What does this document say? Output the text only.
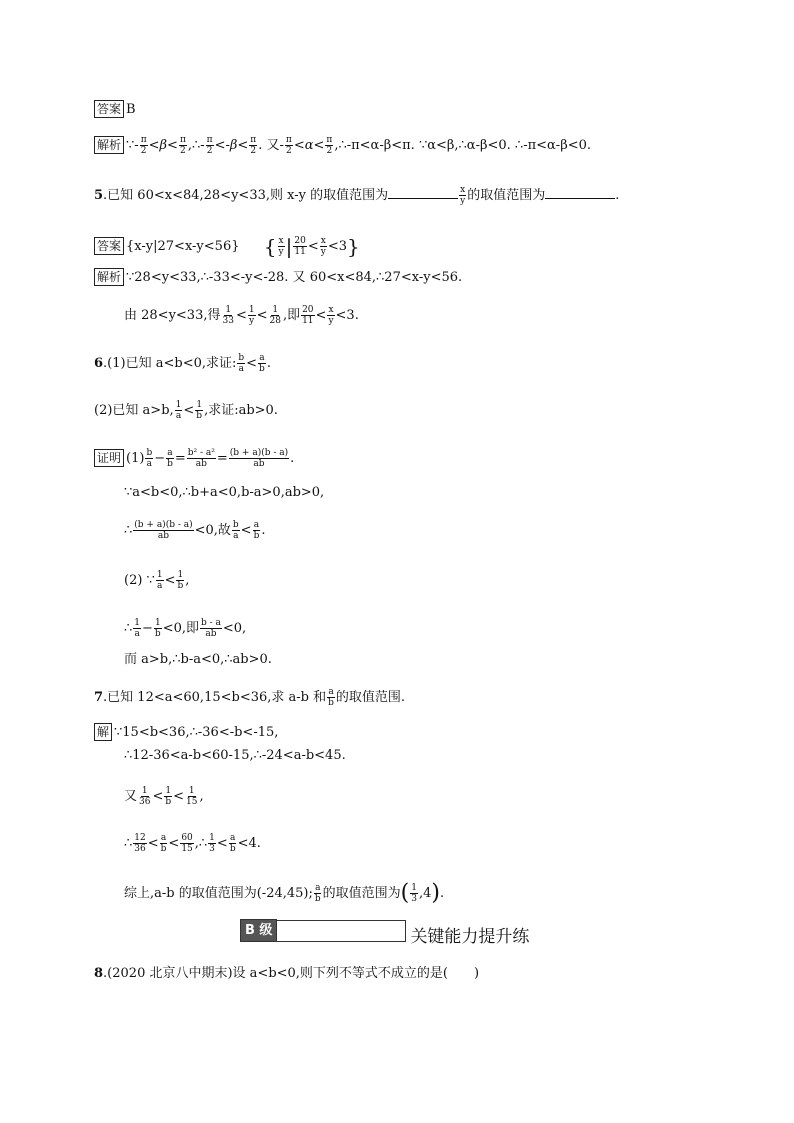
答案 B
解析 ∵- $\frac{\pi}{2} <\beta< \frac{\pi}{2}$ ,∴- $\frac{\pi}{2} <-\beta< \frac{\pi}{2}$ . 又- $\frac{\pi}{2} <\alpha< \frac{\pi}{2}$ ,∴-π<α-β<π. ∵α<β,∴α-β<0. ∴-π<α-β<0.
5.已知 60<x<84,28<y<33,则 x-y 的取值范围为	$\frac{x}{y}$ 的取值范围为	.
答案 {x-y|27<x-y<56} { $\frac{x}{y}$ | $\frac{20}{11} < \frac{x}{y} <3$}
解析 ∵28<y<33,∴-33<-y<-28. 又 60<x<84,∴27<x-y<56.
由 28<y<33,得 $\frac{1}{33} < \frac{1}{y} < \frac{1}{28}$ ,即 $\frac{20}{11} < \frac{x}{y} <3$.
6.(1)已知 a<b<0,求证: $\frac{b}{a} < \frac{a}{b}$ .
(2)已知 a>b, $\frac{1}{a} < \frac{1}{b}$ ,求证:ab>0.
证明 $(1) \frac{b}{a} - \frac{a}{b} = \frac{\text{b² - a²}}{ab} = \frac{(b + a)(b - a)}{ab}$ .
∵a<b<0,∴b+a<0,b-a>0,ab>0,
∴ $\frac{(b + a)(b - a)}{ab} <0$,故 $\frac{b}{a} < \frac{a}{b}$ .
(2) ∵ $\frac{1}{a} < \frac{1}{b}$ ,
∴ $\frac{1}{a} - \frac{1}{b} <0$,即 $\frac{b - a}{ab} <0$,
而 a>b,∴b-a<0,∴ab>0.
7.已知 12<a<60,15<b<36,求 a-b 和 $\frac{a}{b}$ 的取值范围.
解 ∵15<b<36,∴-36<-b<-15,
∴12-36<a-b<60-15,∴-24<a-b<45.
又 $\frac{1}{36} < \frac{1}{b} < \frac{1}{15}$ ,
∴ $\frac{12}{36} < \frac{a}{b} < \frac{60}{15}$ ,∴ $\frac{1}{3} < \frac{a}{b} <4$.
综上,a-b 的取值范围为(-24,45); $\frac{a}{b}$ 的取值范围为( $\frac{1}{3} ,4$).
B 级	关键能力提升练
8.(2020 北京八中期末)设 a<b<0,则下列不等式不成立的是(　　)
